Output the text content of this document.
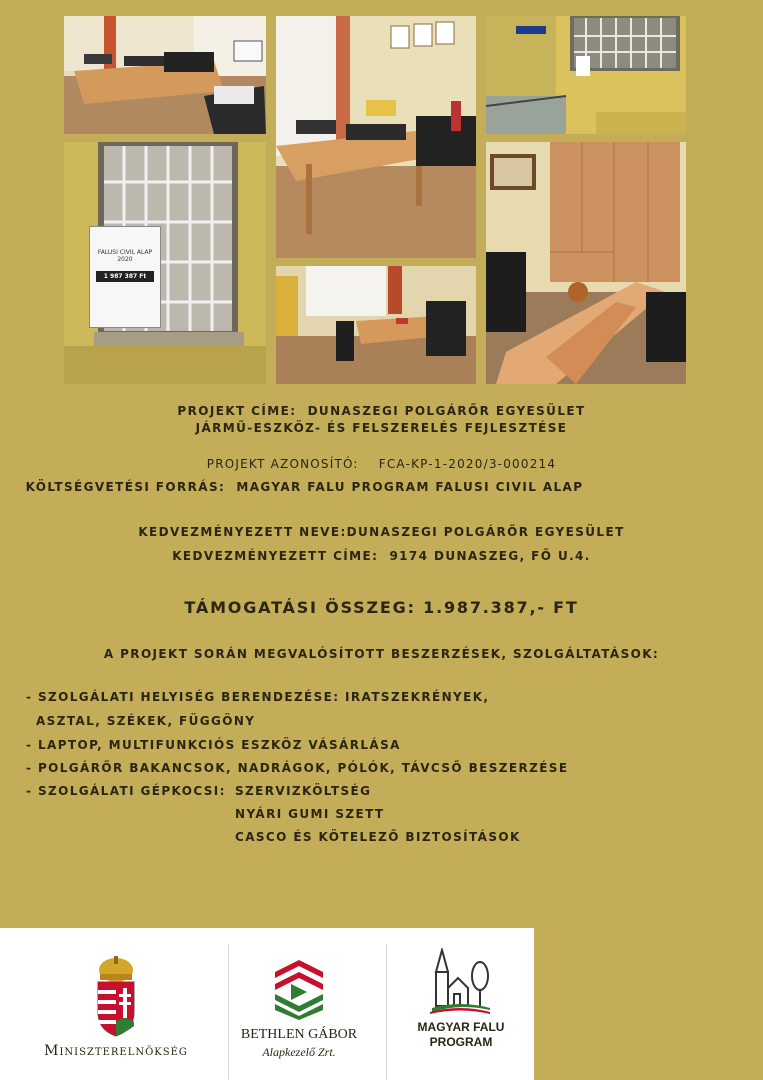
FALUSI CIVIL ALAP
2020
1 987 387 Ft
PROJEKT CÍME: DUNASZEGI POLGÁRŐR EGYESÜLET
JÁRMŰ-ESZKÖZ- ÉS FELSZERELÉS FEJLESZTÉSE
PROJEKT AZONOSÍTÓ: FCA-KP-1-2020/3-000214
KÖLTSÉGVETÉSI FORRÁS: MAGYAR FALU PROGRAM FALUSI CIVIL ALAP
KEDVEZMÉNYEZETT NEVE:DUNASZEGI POLGÁRŐR EGYESÜLET
KEDVEZMÉNYEZETT CÍME: 9174 DUNASZEG, FŐ U.4.
TÁMOGATÁSI ÖSSZEG: 1.987.387,- FT
A PROJEKT SORÁN MEGVALÓSÍTOTT BESZERZÉSEK, SZOLGÁLTATÁSOK:
- SZOLGÁLATI HELYISÉG BERENDEZÉSE: IRATSZEKRÉNYEK,
ASZTAL, SZÉKEK, FÜGGÖNY
- LAPTOP, MULTIFUNKCIÓS ESZKÖZ VÁSÁRLÁSA
- POLGÁRŐR BAKANCSOK, NADRÁGOK, PÓLÓK, TÁVCSŐ BESZERZÉSE
- SZOLGÁLATI GÉPKOCSI: SZERVIZKÖLTSÉG
NYÁRI GUMI SZETT
CASCO ÉS KÖTELEZŐ BIZTOSÍTÁSOK
Miniszterelnökség
BETHLEN GÁBOR
Alapkezelő Zrt.
MAGYAR FALU
PROGRAM
